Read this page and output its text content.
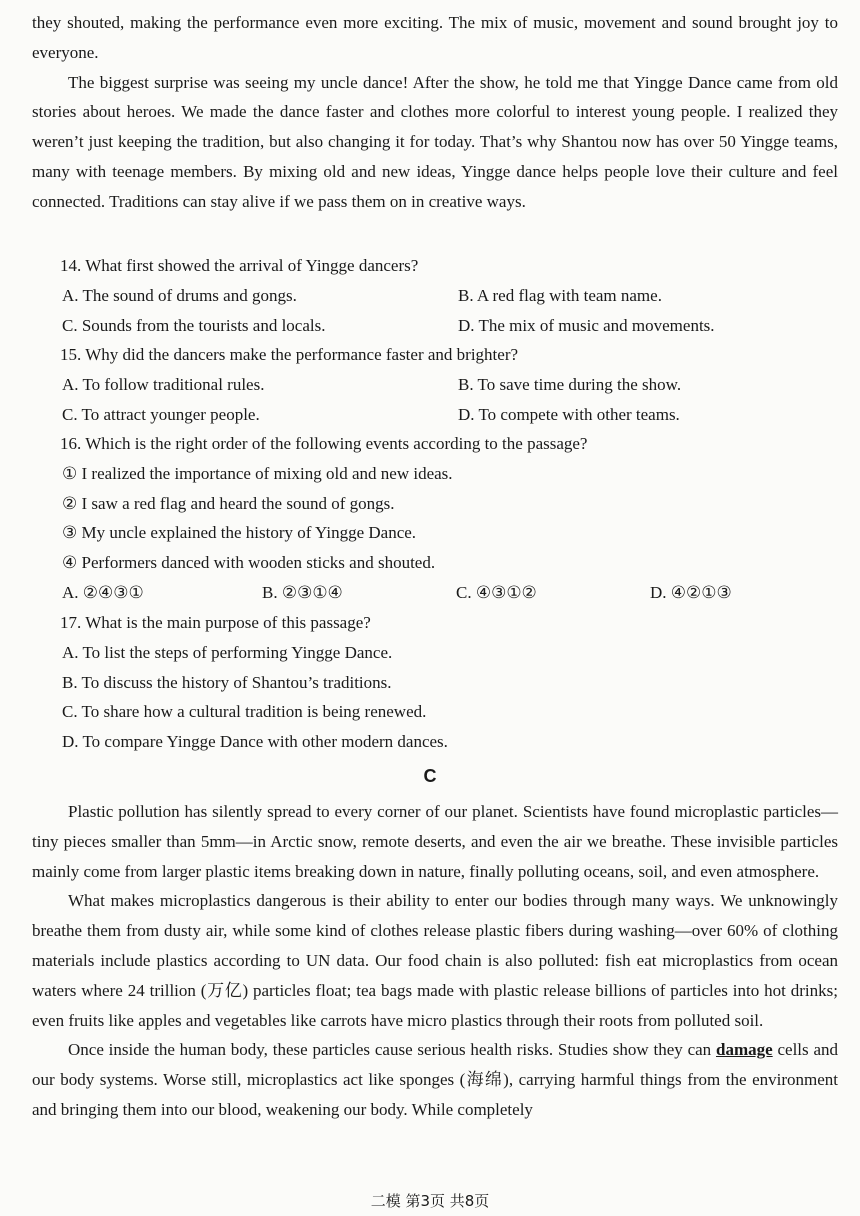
they shouted, making the performance even more exciting. The mix of music, movement and sound brought joy to everyone.

The biggest surprise was seeing my uncle dance! After the show, he told me that Yingge Dance came from old stories about heroes. We made the dance faster and clothes more colorful to interest young people. I realized they weren’t just keeping the tradition, but also changing it for today. That’s why Shantou now has over 50 Yingge teams, many with teenage members. By mixing old and new ideas, Yingge dance helps people love their culture and feel connected. Traditions can stay alive if we pass them on in creative ways.

14. What first showed the arrival of Yingge dancers?

A. The sound of drums and gongs.	B. A red flag with team name.

C. Sounds from the tourists and locals.	D. The mix of music and movements.

15. Why did the dancers make the performance faster and brighter?

A. To follow traditional rules.	B. To save time during the show.

C. To attract younger people.	D. To compete with other teams.

16. Which is the right order of the following events according to the passage?

① I realized the importance of mixing old and new ideas.

② I saw a red flag and heard the sound of gongs.

③ My uncle explained the history of Yingge Dance.

④ Performers danced with wooden sticks and shouted.

A. ②④③①	B. ②③①④	C. ④③①②	D. ④②①③

17. What is the main purpose of this passage?

A. To list the steps of performing Yingge Dance.

B. To discuss the history of Shantou’s traditions.

C. To share how a cultural tradition is being renewed.

D. To compare Yingge Dance with other modern dances.

C

Plastic pollution has silently spread to every corner of our planet. Scientists have found microplastic particles—tiny pieces smaller than 5mm—in Arctic snow, remote deserts, and even the air we breathe. These invisible particles mainly come from larger plastic items breaking down in nature, finally polluting oceans, soil, and even atmosphere.

What makes microplastics dangerous is their ability to enter our bodies through many ways. We unknowingly breathe them from dusty air, while some kind of clothes release plastic fibers during washing—over 60% of clothing materials include plastics according to UN data. Our food chain is also polluted: fish eat microplastics from ocean waters where 24 trillion (万亿) particles float; tea bags made with plastic release billions of particles into hot drinks; even fruits like apples and vegetables like carrots have micro plastics through their roots from polluted soil.

Once inside the human body, these particles cause serious health risks. Studies show they can damage cells and our body systems. Worse still, microplastics act like sponges (海绵), carrying harmful things from the environment and bringing them into our blood, weakening our body. While completely

二模 第3页 共8页
